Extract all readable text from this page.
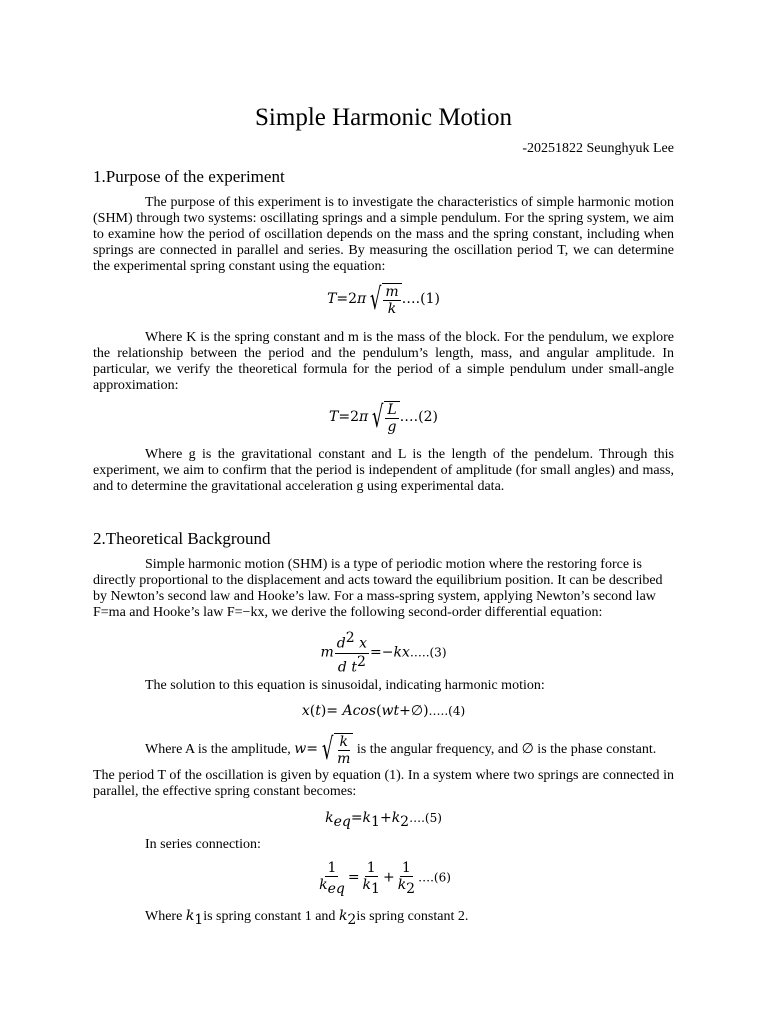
Simple Harmonic Motion
-20251822 Seunghyuk Lee
1.Purpose of the experiment

The purpose of this experiment is to investigate the characteristics of simple harmonic motion (SHM) through two systems: oscillating springs and a simple pendulum. For the spring system, we aim to examine how the period of oscillation depends on the mass and the spring constant, including when springs are connected in parallel and series. By measuring the oscillation period T, we can determine the experimental spring constant using the equation:

T=2π √ $\frac{m}{k}$ ….(1)

Where K is the spring constant and m is the mass of the block. For the pendulum, we explore the relationship between the period and the pendulum’s length, mass, and angular amplitude. In particular, we verify the theoretical formula for the period of a simple pendulum under small-angle approximation:

T=2π √ $\frac{L}{g}$ ….(2)

Where g is the gravitational constant and L is the length of the pendelum. Through this experiment, we aim to confirm that the period is independent of amplitude (for small angles) and mass, and to determine the gravitational acceleration g using experimental data.

2.Theoretical Background

Simple harmonic motion (SHM) is a type of periodic motion where the restoring force is directly proportional to the displacement and acts toward the equilibrium position. It can be described by Newton’s second law and Hooke’s law. For a mass-spring system, applying Newton’s second law F=ma and Hooke’s law F=−kx, we derive the following second-order differential equation:

m $\frac{d^2 x}{d t^2}$ =−kx…..(3)

The solution to this equation is sinusoidal, indicating harmonic motion:

x(t)= Acos(wt+∅)…..(4)
Where A is the amplitude, w= √ $\frac{k}{m}$ is the angular frequency, and ∅ is the phase constant.

The period T of the oscillation is given by equation (1). In a system where two springs are connected in parallel, the effective spring constant becomes:

$k_{eq}=k_1+k_2\dots.(5)$

In series connection:

$\frac{1}{k_{eq}} = \frac{1}{k_1} + \frac{1}{k_2}$ ….(6)
Where $k_1is$ spring constant 1 and $k_2is$ spring constant 2.
